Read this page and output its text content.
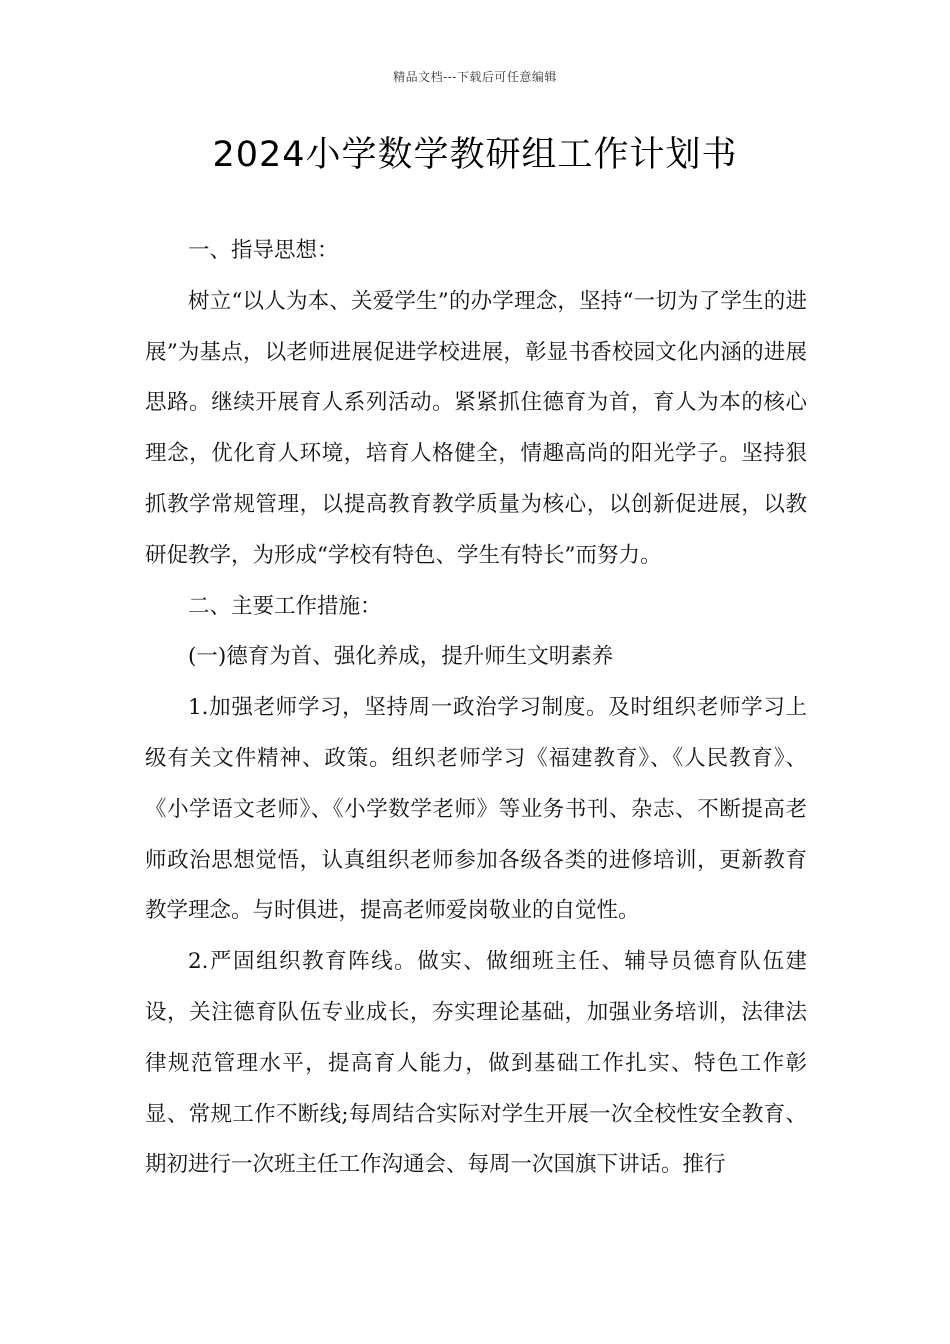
精品文档---下载后可任意编辑
2024小学数学教研组工作计划书

一、指导思想：

树立“以人为本、关爱学生”的办学理念，坚持“一切为了学生的进展”为基点，以老师进展促进学校进展，彰显书香校园文化内涵的进展思路。继续开展育人系列活动。紧紧抓住德育为首，育人为本的核心理念，优化育人环境，培育人格健全，情趣高尚的阳光学子。坚持狠抓教学常规管理，以提高教育教学质量为核心，以创新促进展，以教研促教学，为形成“学校有特色、学生有特长”而努力。

二、主要工作措施：

(一)德育为首、强化养成，提升师生文明素养

1.加强老师学习，坚持周一政治学习制度。及时组织老师学习上级有关文件精神、政策。组织老师学习《福建教育》、《人民教育》、《小学语文老师》、《小学数学老师》等业务书刊、杂志、不断提高老师政治思想觉悟，认真组织老师参加各级各类的进修培训，更新教育教学理念。与时俱进，提高老师爱岗敬业的自觉性。

2.严固组织教育阵线。做实、做细班主任、辅导员德育队伍建设，关注德育队伍专业成长，夯实理论基础，加强业务培训，法律法律规范管理水平，提高育人能力，做到基础工作扎实、特色工作彰显、常规工作不断线;每周结合实际对学生开展一次全校性安全教育、期初进行一次班主任工作沟通会、每周一次国旗下讲话。推行
